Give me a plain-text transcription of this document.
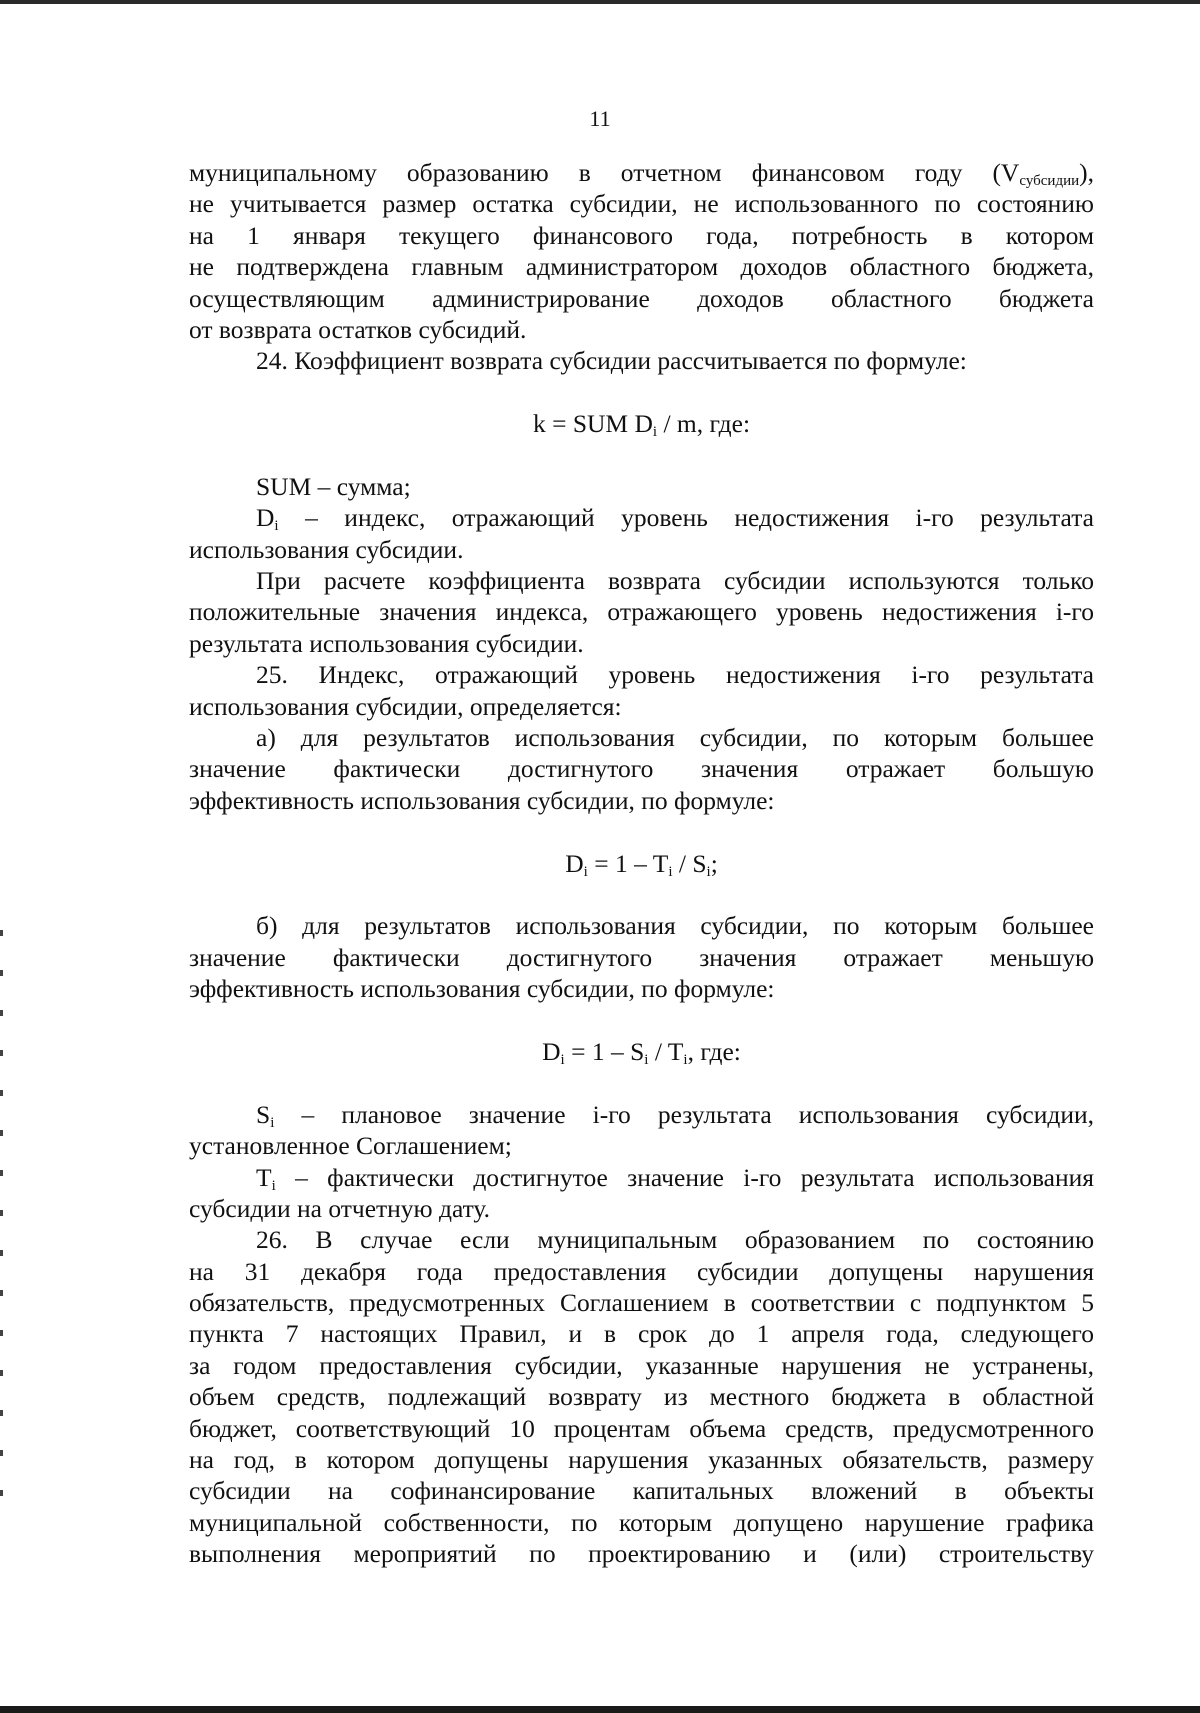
11
муниципальному образованию в отчетном финансовом году $(V_{субсидии})$,
не учитывается размер остатка субсидии, не использованного по состоянию
на 1 января текущего финансового года, потребность в котором
не подтверждена главным администратором доходов областного бюджета,
осуществляющим администрирование доходов областного бюджета
от возврата остатков субсидий.
24. Коэффициент возврата субсидии рассчитывается по формуле:
k = SUM $D_i$ / m, где:
SUM – сумма;
$D_i$ – индекс, отражающий уровень недостижения i-го результата
использования субсидии.
При расчете коэффициента возврата субсидии используются только
положительные значения индекса, отражающего уровень недостижения i-го
результата использования субсидии.
25. Индекс, отражающий уровень недостижения i-го результата
использования субсидии, определяется:
а) для результатов использования субсидии, по которым большее
значение фактически достигнутого значения отражает большую
эффективность использования субсидии, по формуле:
$D_i = 1 - T_i / S_i$;
б) для результатов использования субсидии, по которым большее
значение фактически достигнутого значения отражает меньшую
эффективность использования субсидии, по формуле:
$D_i = 1 - S_i / T_i$, где:
$S_i$ – плановое значение i-го результата использования субсидии,
установленное Соглашением;
$T_i$ – фактически достигнутое значение i-го результата использования
субсидии на отчетную дату.
26. В случае если муниципальным образованием по состоянию
на 31 декабря года предоставления субсидии допущены нарушения
обязательств, предусмотренных Соглашением в соответствии с подпунктом 5
пункта 7 настоящих Правил, и в срок до 1 апреля года, следующего
за годом предоставления субсидии, указанные нарушения не устранены,
объем средств, подлежащий возврату из местного бюджета в областной
бюджет, соответствующий 10 процентам объема средств, предусмотренного
на год, в котором допущены нарушения указанных обязательств, размеру
субсидии на софинансирование капитальных вложений в объекты
муниципальной собственности, по которым допущено нарушение графика
выполнения мероприятий по проектированию и (или) строительству
